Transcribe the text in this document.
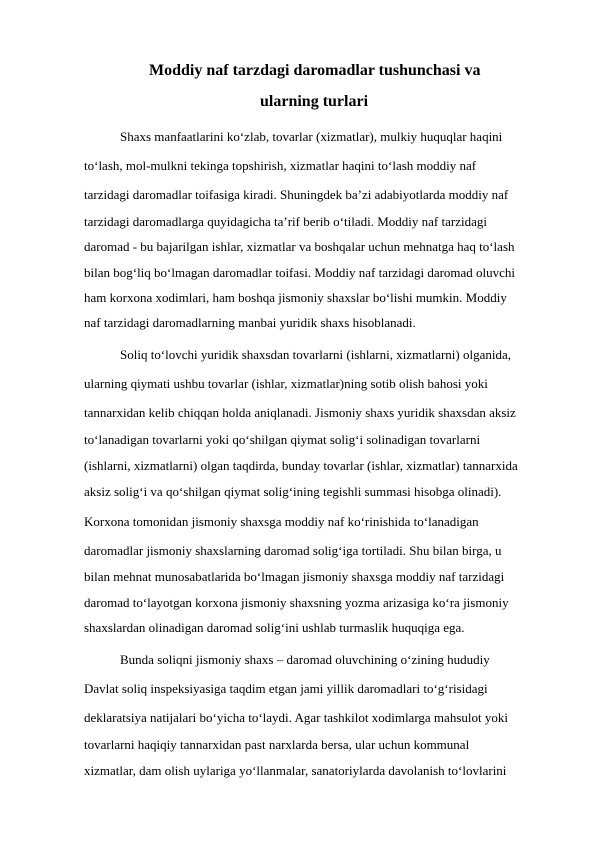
Moddiy naf tarzdagi daromadlar tushunchasi va

ularning turlari

Shaxs manfaatlarini ko‘zlab, tovarlar (xizmatlar), mulkiy huquqlar haqini

to‘lash, mol-mulkni tekinga topshirish, xizmatlar haqini to‘lash moddiy naf

tarzidagi daromadlar toifasiga kiradi. Shuningdek ba’zi adabiyotlarda moddiy naf

tarzidagi daromadlarga quyidagicha ta’rif berib o‘tiladi. Moddiy naf tarzidagi

daromad - bu bajarilgan ishlar, xizmatlar va boshqalar uchun mehnatga haq to‘lash

bilan bog‘liq bo‘lmagan daromadlar toifasi. Moddiy naf tarzidagi daromad oluvchi

ham korxona xodimlari, ham boshqa jismoniy shaxslar bo‘lishi mumkin. Moddiy

naf tarzidagi daromadlarning manbai yuridik shaxs hisoblanadi.

Soliq to‘lovchi yuridik shaxsdan tovarlarni (ishlarni, xizmatlarni) olganida,

ularning qiymati ushbu tovarlar (ishlar, xizmatlar)ning sotib olish bahosi yoki

tannarxidan kelib chiqqan holda aniqlanadi. Jismoniy shaxs yuridik shaxsdan aksiz

to‘lanadigan tovarlarni yoki qo‘shilgan qiymat solig‘i solinadigan tovarlarni

(ishlarni, xizmatlarni) olgan taqdirda, bunday tovarlar (ishlar, xizmatlar) tannarxida

aksiz solig‘i va qo‘shilgan qiymat solig‘ining tegishli summasi hisobga olinadi).

Korxona tomonidan jismoniy shaxsga moddiy naf ko‘rinishida to‘lanadigan

daromadlar jismoniy shaxslarning daromad solig‘iga tortiladi. Shu bilan birga, u

bilan mehnat munosabatlarida bo‘lmagan jismoniy shaxsga moddiy naf tarzidagi

daromad to‘layotgan korxona jismoniy shaxsning yozma arizasiga ko‘ra jismoniy

shaxslardan olinadigan daromad solig‘ini ushlab turmaslik huquqiga ega.

Bunda soliqni jismoniy shaxs – daromad oluvchining o‘zining hududiy

Davlat soliq inspeksiyasiga taqdim etgan jami yillik daromadlari to‘g‘risidagi

deklaratsiya natijalari bo‘yicha to‘laydi. Agar tashkilot xodimlarga mahsulot yoki

tovarlarni haqiqiy tannarxidan past narxlarda bersa, ular uchun kommunal

xizmatlar, dam olish uylariga yo‘llanmalar, sanatoriylarda davolanish to‘lovlarini
